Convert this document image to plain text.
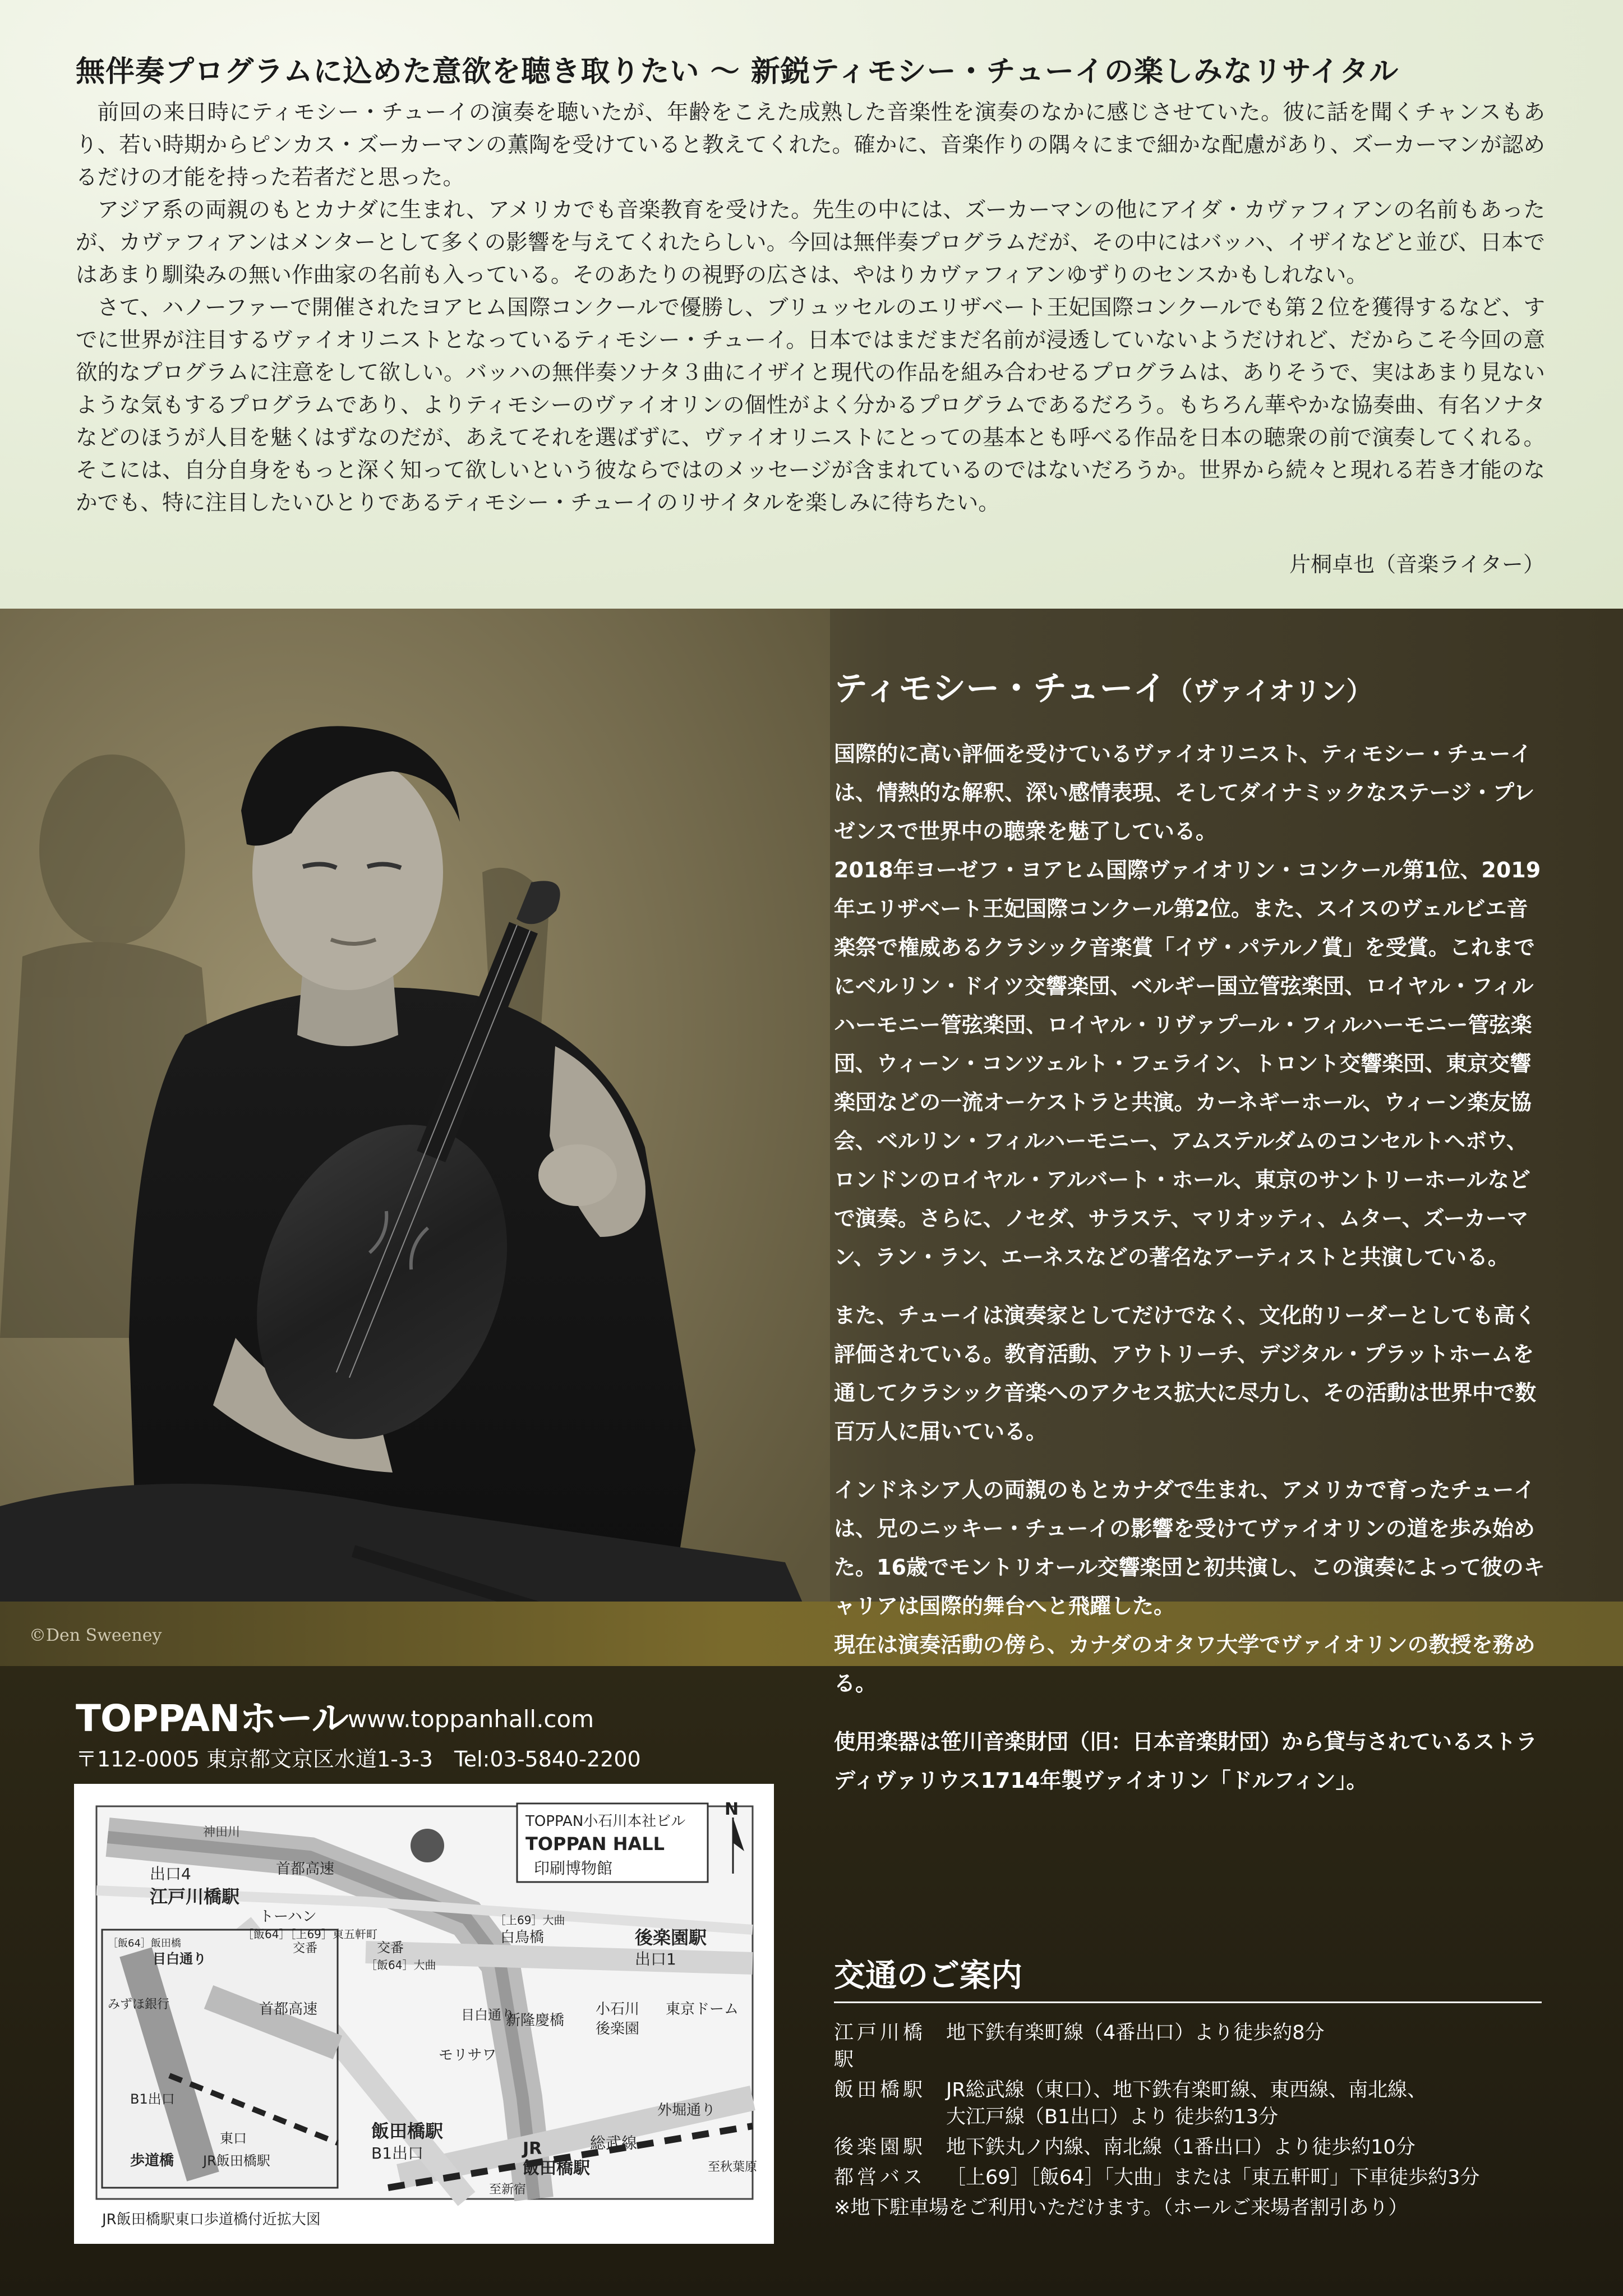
無伴奏プログラムに込めた意欲を聴き取りたい 〜 新鋭ティモシー・チューイの楽しみなリサイタル

前回の来日時にティモシー・チューイの演奏を聴いたが、年齢をこえた成熟した音楽性を演奏のなかに感じさせていた。彼に話を聞くチャンスもあり、若い時期からピンカス・ズーカーマンの薫陶を受けていると教えてくれた。確かに、音楽作りの隅々にまで細かな配慮があり、ズーカーマンが認めるだけの才能を持った若者だと思った。

アジア系の両親のもとカナダに生まれ、アメリカでも音楽教育を受けた。先生の中には、ズーカーマンの他にアイダ・カヴァフィアンの名前もあったが、カヴァフィアンはメンターとして多くの影響を与えてくれたらしい。今回は無伴奏プログラムだが、その中にはバッハ、イザイなどと並び、日本ではあまり馴染みの無い作曲家の名前も入っている。そのあたりの視野の広さは、やはりカヴァフィアンゆずりのセンスかもしれない。

さて、ハノーファーで開催されたヨアヒム国際コンクールで優勝し、ブリュッセルのエリザベート王妃国際コンクールでも第２位を獲得するなど、すでに世界が注目するヴァイオリニストとなっているティモシー・チューイ。日本ではまだまだ名前が浸透していないようだけれど、だからこそ今回の意欲的なプログラムに注意をして欲しい。バッハの無伴奏ソナタ３曲にイザイと現代の作品を組み合わせるプログラムは、ありそうで、実はあまり見ないような気もするプログラムであり、よりティモシーのヴァイオリンの個性がよく分かるプログラムであるだろう。もちろん華やかな協奏曲、有名ソナタなどのほうが人目を魅くはずなのだが、あえてそれを選ばずに、ヴァイオリニストにとっての基本とも呼べる作品を日本の聴衆の前で演奏してくれる。そこには、自分自身をもっと深く知って欲しいという彼ならではのメッセージが含まれているのではないだろうか。世界から続々と現れる若き才能のなかでも、特に注目したいひとりであるティモシー・チューイのリサイタルを楽しみに待ちたい。

片桐卓也（音楽ライター）
©Den Sweeney
ティモシー・チューイ（ヴァイオリン）

国際的に高い評価を受けているヴァイオリニスト、ティモシー・チューイは、情熱的な解釈、深い感情表現、そしてダイナミックなステージ・プレゼンスで世界中の聴衆を魅了している。
2018年ヨーゼフ・ヨアヒム国際ヴァイオリン・コンクール第1位、2019年エリザベート王妃国際コンクール第2位。また、スイスのヴェルビエ音楽祭で権威あるクラシック音楽賞「イヴ・パテルノ賞」を受賞。これまでにベルリン・ドイツ交響楽団、ベルギー国立管弦楽団、ロイヤル・フィルハーモニー管弦楽団、ロイヤル・リヴァプール・フィルハーモニー管弦楽団、ウィーン・コンツェルト・フェライン、トロント交響楽団、東京交響楽団などの一流オーケストラと共演。カーネギーホール、ウィーン楽友協会、ベルリン・フィルハーモニー、アムステルダムのコンセルトヘボウ、ロンドンのロイヤル・アルバート・ホール、東京のサントリーホールなどで演奏。さらに、ノセダ、サラステ、マリオッティ、ムター、ズーカーマン、ラン・ラン、エーネスなどの著名なアーティストと共演している。

また、チューイは演奏家としてだけでなく、文化的リーダーとしても高く評価されている。教育活動、アウトリーチ、デジタル・プラットホームを通してクラシック音楽へのアクセス拡大に尽力し、その活動は世界中で数百万人に届いている。

インドネシア人の両親のもとカナダで生まれ、アメリカで育ったチューイは、兄のニッキー・チューイの影響を受けてヴァイオリンの道を歩み始めた。16歳でモントリオール交響楽団と初共演し、この演奏によって彼のキャリアは国際的舞台へと飛躍した。
現在は演奏活動の傍ら、カナダのオタワ大学でヴァイオリンの教授を務める。

使用楽器は笹川音楽財団（旧：日本音楽財団）から貸与されているストラディヴァリウス1714年製ヴァイオリン「ドルフィン」。

TOPPANホール www.toppanhall.com
〒112-0005 東京都文京区水道1-3-3　Tel:03-5840-2200
TOPPAN小石川本社ビル
TOPPAN HALL
印刷博物館
N
神田川
首都高速
出口4
江戸川橋駅
トーハン
［飯64］［上69］東五軒町
交番
［飯64］大曲
［上69］大曲
白鳥橋	後楽園駅
出口1
目白通り
新隆慶橋
小石川
後楽園
東京ドーム
モリサワ
外堀通り
飯田橋駅
B1出口
総武線
JR
飯田橋駅
至新宿
至秋葉原
［飯64］飯田橋
目白通り
交番
みずほ銀行	首都高速
B1出口
東口
JR飯田橋駅
歩道橋
JR飯田橋駅東口歩道橋付近拡大図
交通のご案内
江戸川橋駅
地下鉄有楽町線（4番出口）より徒歩約8分
飯田橋駅	JR総武線（東口）、地下鉄有楽町線、東西線、南北線、
大江戸線（B1出口）より 徒歩約13分
後楽園駅	地下鉄丸ノ内線、南北線（1番出口）より徒歩約10分
都営バス	［上69］［飯64］「大曲」または「東五軒町」下車徒歩約3分
※地下駐車場をご利用いただけます。（ホールご来場者割引あり）
